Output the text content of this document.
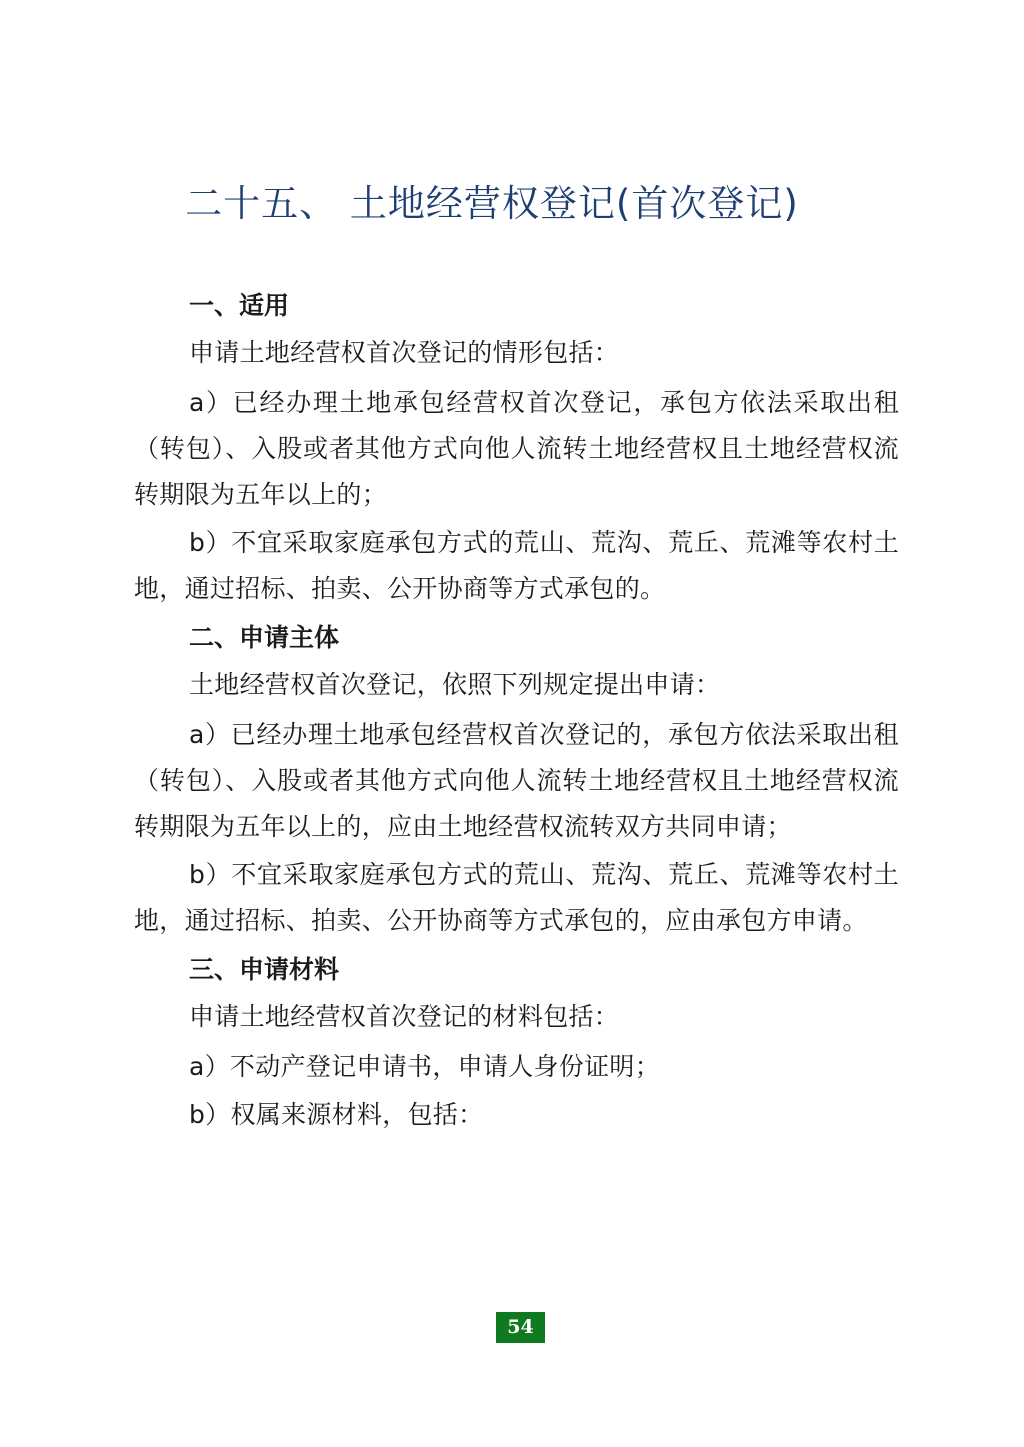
二十五、 土地经营权登记(首次登记)

一、适用

申请土地经营权首次登记的情形包括：

a）已经办理土地承包经营权首次登记，承包方依法采取出租（转包）、入股或者其他方式向他人流转土地经营权且土地经营权流转期限为五年以上的；

b）不宜采取家庭承包方式的荒山、荒沟、荒丘、荒滩等农村土地，通过招标、拍卖、公开协商等方式承包的。

二、申请主体

土地经营权首次登记，依照下列规定提出申请：

a）已经办理土地承包经营权首次登记的，承包方依法采取出租（转包）、入股或者其他方式向他人流转土地经营权且土地经营权流转期限为五年以上的，应由土地经营权流转双方共同申请；

b）不宜采取家庭承包方式的荒山、荒沟、荒丘、荒滩等农村土地，通过招标、拍卖、公开协商等方式承包的，应由承包方申请。

三、申请材料

申请土地经营权首次登记的材料包括：

a）不动产登记申请书，申请人身份证明；

b）权属来源材料，包括：

54
